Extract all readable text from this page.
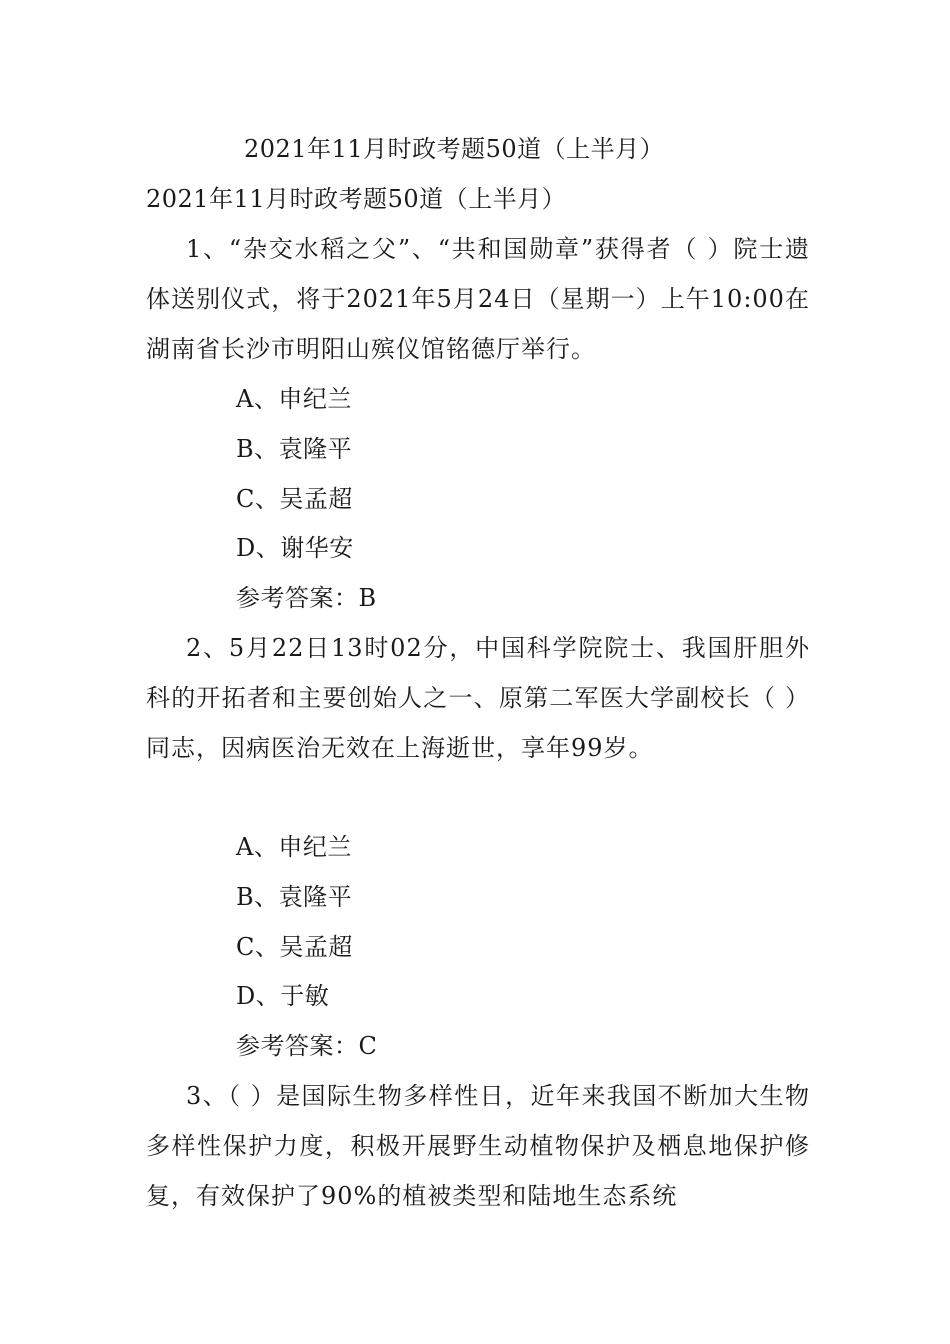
2021年11月时政考题50道（上半月）
2021年11月时政考题50道（上半月）
1、“杂交水稻之父”、“共和国勋章”获得者（ ）院士遗体送别仪式，将于2021年5月24日（星期一）上午10:00在湖南省长沙市明阳山殡仪馆铭德厅举行。
A、申纪兰
B、袁隆平
C、吴孟超
D、谢华安
参考答案：B
2、5月22日13时02分，中国科学院院士、我国肝胆外科的开拓者和主要创始人之一、原第二军医大学副校长（ ）同志，因病医治无效在上海逝世，享年99岁。
A、申纪兰
B、袁隆平
C、吴孟超
D、于敏
参考答案：C
3、（ ）是国际生物多样性日，近年来我国不断加大生物多样性保护力度，积极开展野生动植物保护及栖息地保护修复，有效保护了90%的植被类型和陆地生态系统
